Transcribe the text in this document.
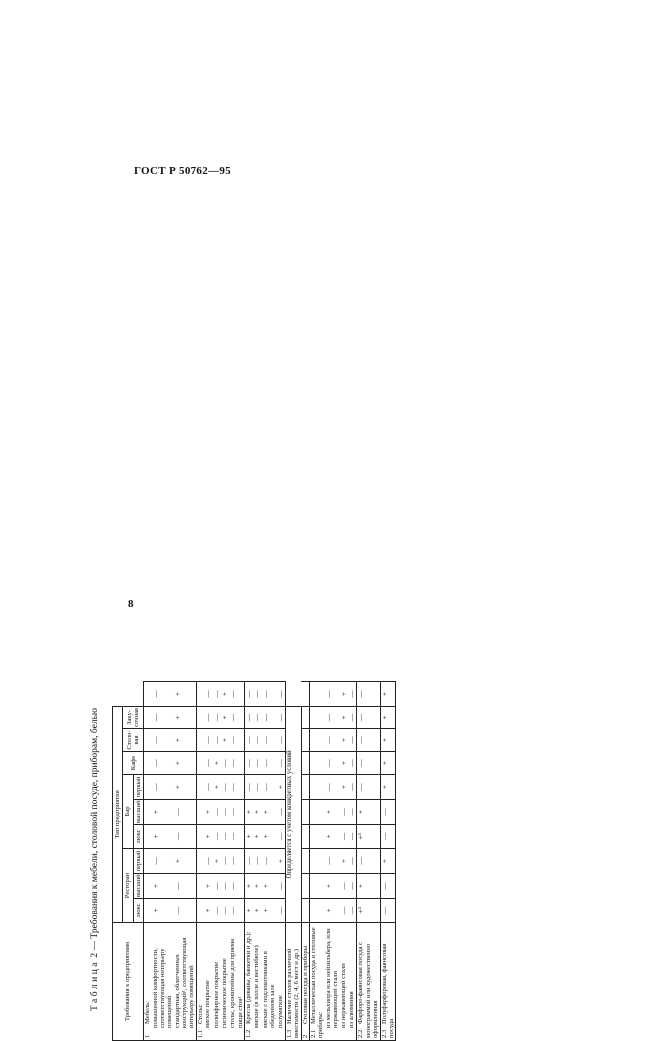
ГОСТ Р 50762—95
8
Таблица 2 — Требования к мебели, столовой посуде, приборам, белью
Требования к предприятиям	Тип предприятия									
	Ресторан			Бар			Кафе	Столо-вая	Заку-сочная	
	люкс	высший	первый	люкс	высший	первый				
1Мебель:										
повышенной комфортности, соответствующая интерьеру помещений	+	+	—	+	+	—	—	—	—	—
стандартная, облегченных конструкций¹, соответствующая интерьеру помещений	—	—	+	—	—	+	+	+	+	+
1.1Столы:										
мягкое покрытие	+	+	—	+	+	—	—	—	—	—
полиэфирное покрытие	—	—	+	—	—	+	+	—	—	—
гигиеническое покрытие	—	—	—	—	—	—	—	+	+	+
столы, кронштейны для приема пищи стоя²	—	—	—	—	—	—	—	—	—	—
1.2Кресла (диваны, банкетки и др.):	+	+	—	+	+	—	—	—	—	—
мягкие (в холле и вестибюле)	+	+	—	+	+	—	—	—	—	—
мягкие с подлокотниками в обеденном зале	+	+	—	+	+	—	—	—	—	—
полумягкие	—	—	+	—	—	+	—	—	—	—
1.3Наличие столов различной вместимости (2, 4, 6 мест и др.)	Определяется с учетом конкретных условий									
2Столовая посуда и приборы										
2.1Металлическая посуда и столовые приборы:										
из мельхиора или нейзильбера, или нержавеющей стали	+	+	—	+	+	—	—	—	—	—
из нержавеющей стали	—	—	+	—	—	+	+	+	+	+
из алюминия	—	—	—	—	—	—	—	—	—	—
2.2Фарфоро-фаянсовая посуда с монограммой или художественно оформленная	+³	+	—	+³	+	—	—	—	—	—
2.3Полуфарфоровая, фаянсовая посуда	—	—	+	—	—	+	+	+	+	+
